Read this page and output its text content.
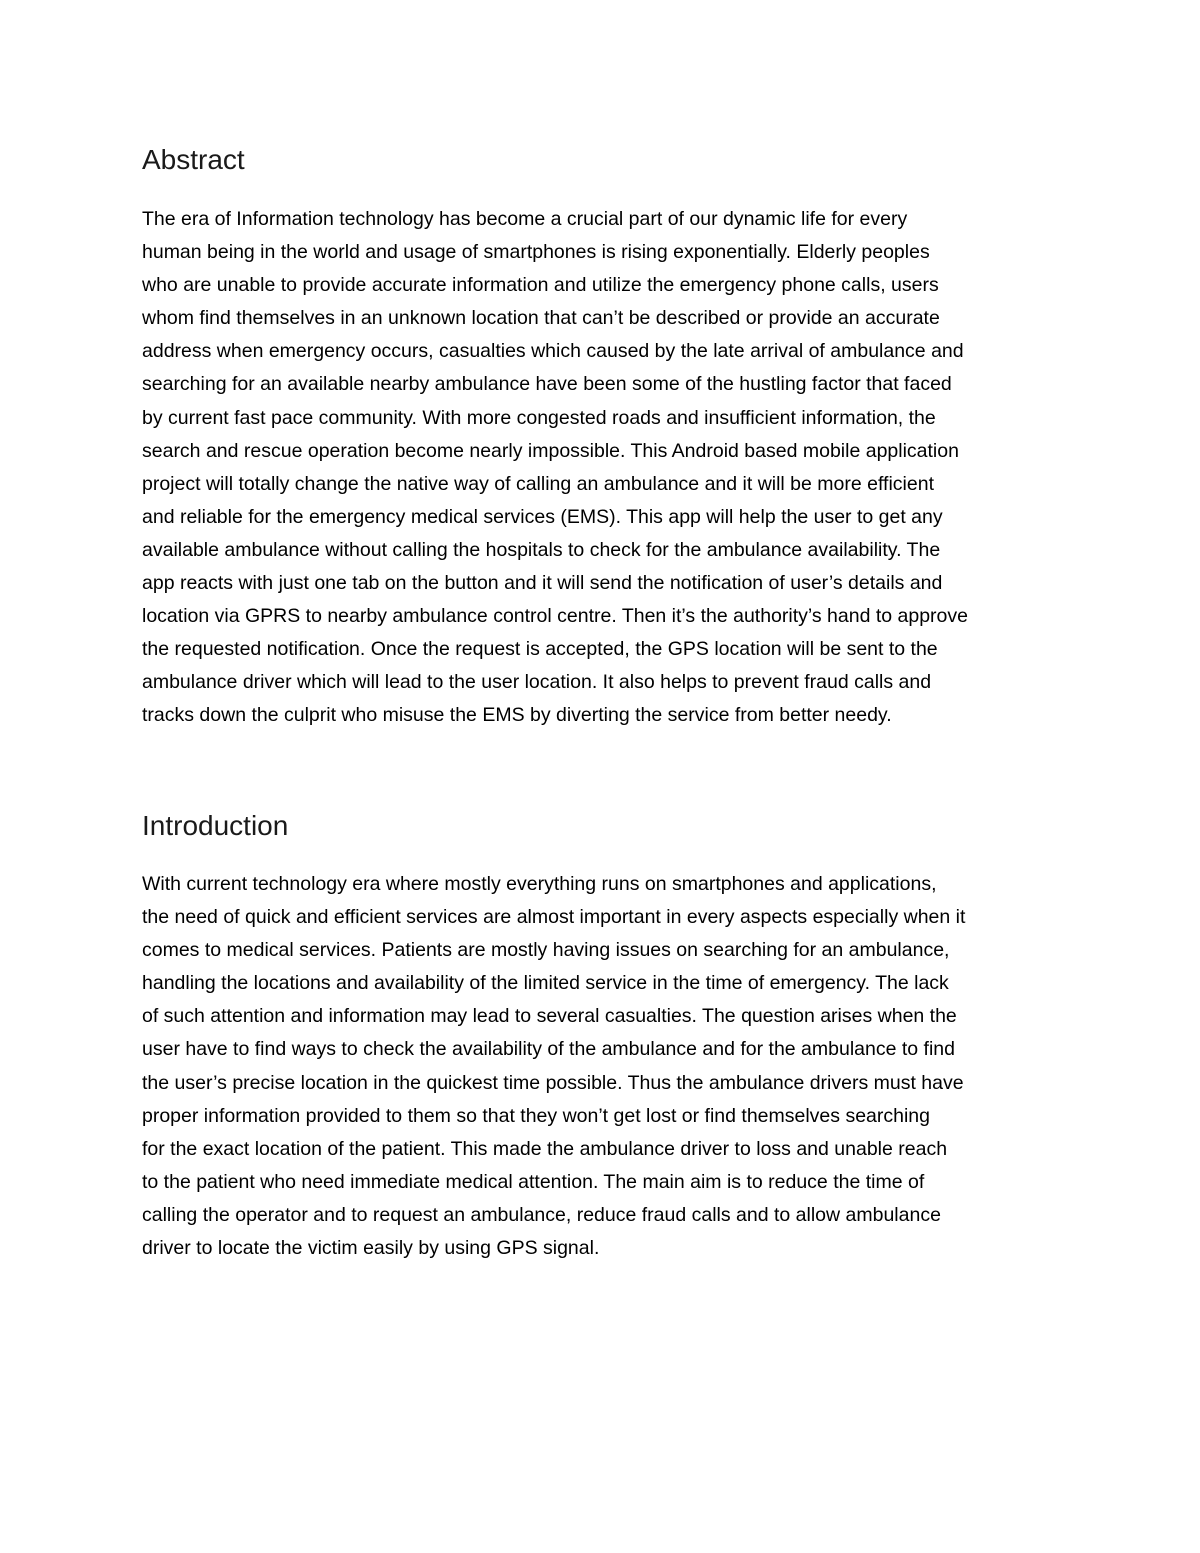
Abstract
The era of Information technology has become a crucial part of our dynamic life for every
human being in the world and usage of smartphones is rising exponentially. Elderly peoples
who are unable to provide accurate information and utilize the emergency phone calls, users
whom find themselves in an unknown location that can’t be described or provide an accurate
address when emergency occurs, casualties which caused by the late arrival of ambulance and
searching for an available nearby ambulance have been some of the hustling factor that faced
by current fast pace community. With more congested roads and insufficient information, the
search and rescue operation become nearly impossible. This Android based mobile application
project will totally change the native way of calling an ambulance and it will be more efficient
and reliable for the emergency medical services (EMS). This app will help the user to get any
available ambulance without calling the hospitals to check for the ambulance availability. The
app reacts with just one tab on the button and it will send the notification of user’s details and
location via GPRS to nearby ambulance control centre. Then it’s the authority’s hand to approve
the requested notification. Once the request is accepted, the GPS location will be sent to the
ambulance driver which will lead to the user location. It also helps to prevent fraud calls and
tracks down the culprit who misuse the EMS by diverting the service from better needy.
Introduction
With current technology era where mostly everything runs on smartphones and applications,
the need of quick and efficient services are almost important in every aspects especially when it
comes to medical services. Patients are mostly having issues on searching for an ambulance,
handling the locations and availability of the limited service in the time of emergency. The lack
of such attention and information may lead to several casualties. The question arises when the
user have to find ways to check the availability of the ambulance and for the ambulance to find
the user’s precise location in the quickest time possible. Thus the ambulance drivers must have
proper information provided to them so that they won’t get lost or find themselves searching
for the exact location of the patient. This made the ambulance driver to loss and unable reach
to the patient who need immediate medical attention. The main aim is to reduce the time of
calling the operator and to request an ambulance, reduce fraud calls and to allow ambulance
driver to locate the victim easily by using GPS signal.
